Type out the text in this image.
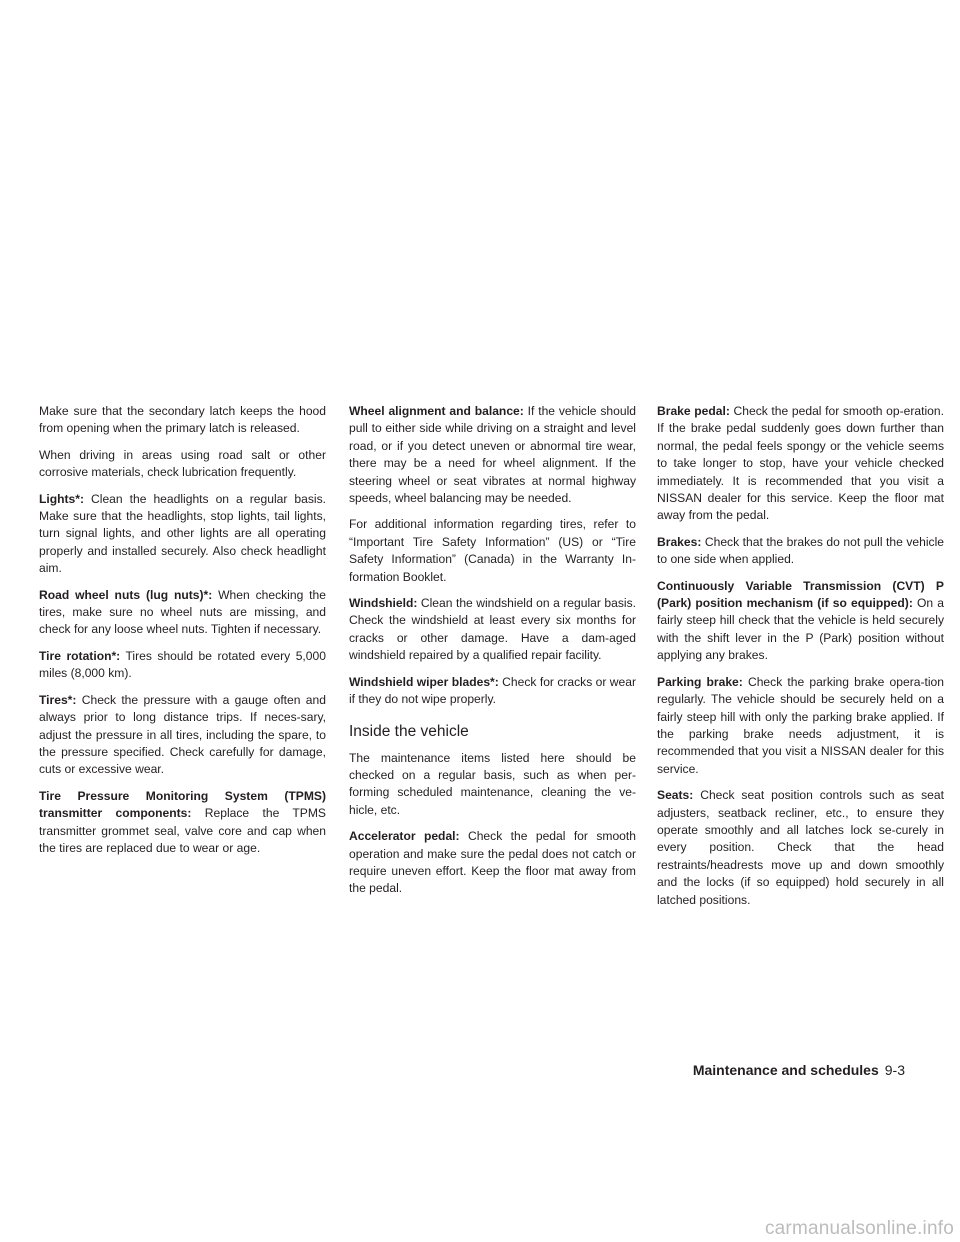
Make sure that the secondary latch keeps the hood from opening when the primary latch is released.

When driving in areas using road salt or other corrosive materials, check lubrication frequently.

Lights*: Clean the headlights on a regular basis. Make sure that the headlights, stop lights, tail lights, turn signal lights, and other lights are all operating properly and installed securely. Also check headlight aim.

Road wheel nuts (lug nuts)*: When checking the tires, make sure no wheel nuts are missing, and check for any loose wheel nuts. Tighten if necessary.

Tire rotation*: Tires should be rotated every 5,000 miles (8,000 km).

Tires*: Check the pressure with a gauge often and always prior to long distance trips. If neces-sary, adjust the pressure in all tires, including the spare, to the pressure specified. Check carefully for damage, cuts or excessive wear.

Tire Pressure Monitoring System (TPMS) transmitter components: Replace the TPMS transmitter grommet seal, valve core and cap when the tires are replaced due to wear or age.

Wheel alignment and balance: If the vehicle should pull to either side while driving on a straight and level road, or if you detect uneven or abnormal tire wear, there may be a need for wheel alignment. If the steering wheel or seat vibrates at normal highway speeds, wheel balancing may be needed.

For additional information regarding tires, refer to “Important Tire Safety Information” (US) or “Tire Safety Information” (Canada) in the Warranty In-formation Booklet.

Windshield: Clean the windshield on a regular basis. Check the windshield at least every six months for cracks or other damage. Have a dam-aged windshield repaired by a qualified repair facility.

Windshield wiper blades*: Check for cracks or wear if they do not wipe properly.

Inside the vehicle

The maintenance items listed here should be checked on a regular basis, such as when per-forming scheduled maintenance, cleaning the ve-hicle, etc.

Accelerator pedal: Check the pedal for smooth operation and make sure the pedal does not catch or require uneven effort. Keep the floor mat away from the pedal.

Brake pedal: Check the pedal for smooth op-eration. If the brake pedal suddenly goes down further than normal, the pedal feels spongy or the vehicle seems to take longer to stop, have your vehicle checked immediately. It is recommended that you visit a NISSAN dealer for this service. Keep the floor mat away from the pedal.

Brakes: Check that the brakes do not pull the vehicle to one side when applied.

Continuously Variable Transmission (CVT) P (Park) position mechanism (if so equipped): On a fairly steep hill check that the vehicle is held securely with the shift lever in the P (Park) position without applying any brakes.

Parking brake: Check the parking brake opera-tion regularly. The vehicle should be securely held on a fairly steep hill with only the parking brake applied. If the parking brake needs adjustment, it is recommended that you visit a NISSAN dealer for this service.

Seats: Check seat position controls such as seat adjusters, seatback recliner, etc., to ensure they operate smoothly and all latches lock se-curely in every position. Check that the head restraints/headrests move up and down smoothly and the locks (if so equipped) hold securely in all latched positions.

Maintenance and schedules 9-3
carmanualsonline.info
